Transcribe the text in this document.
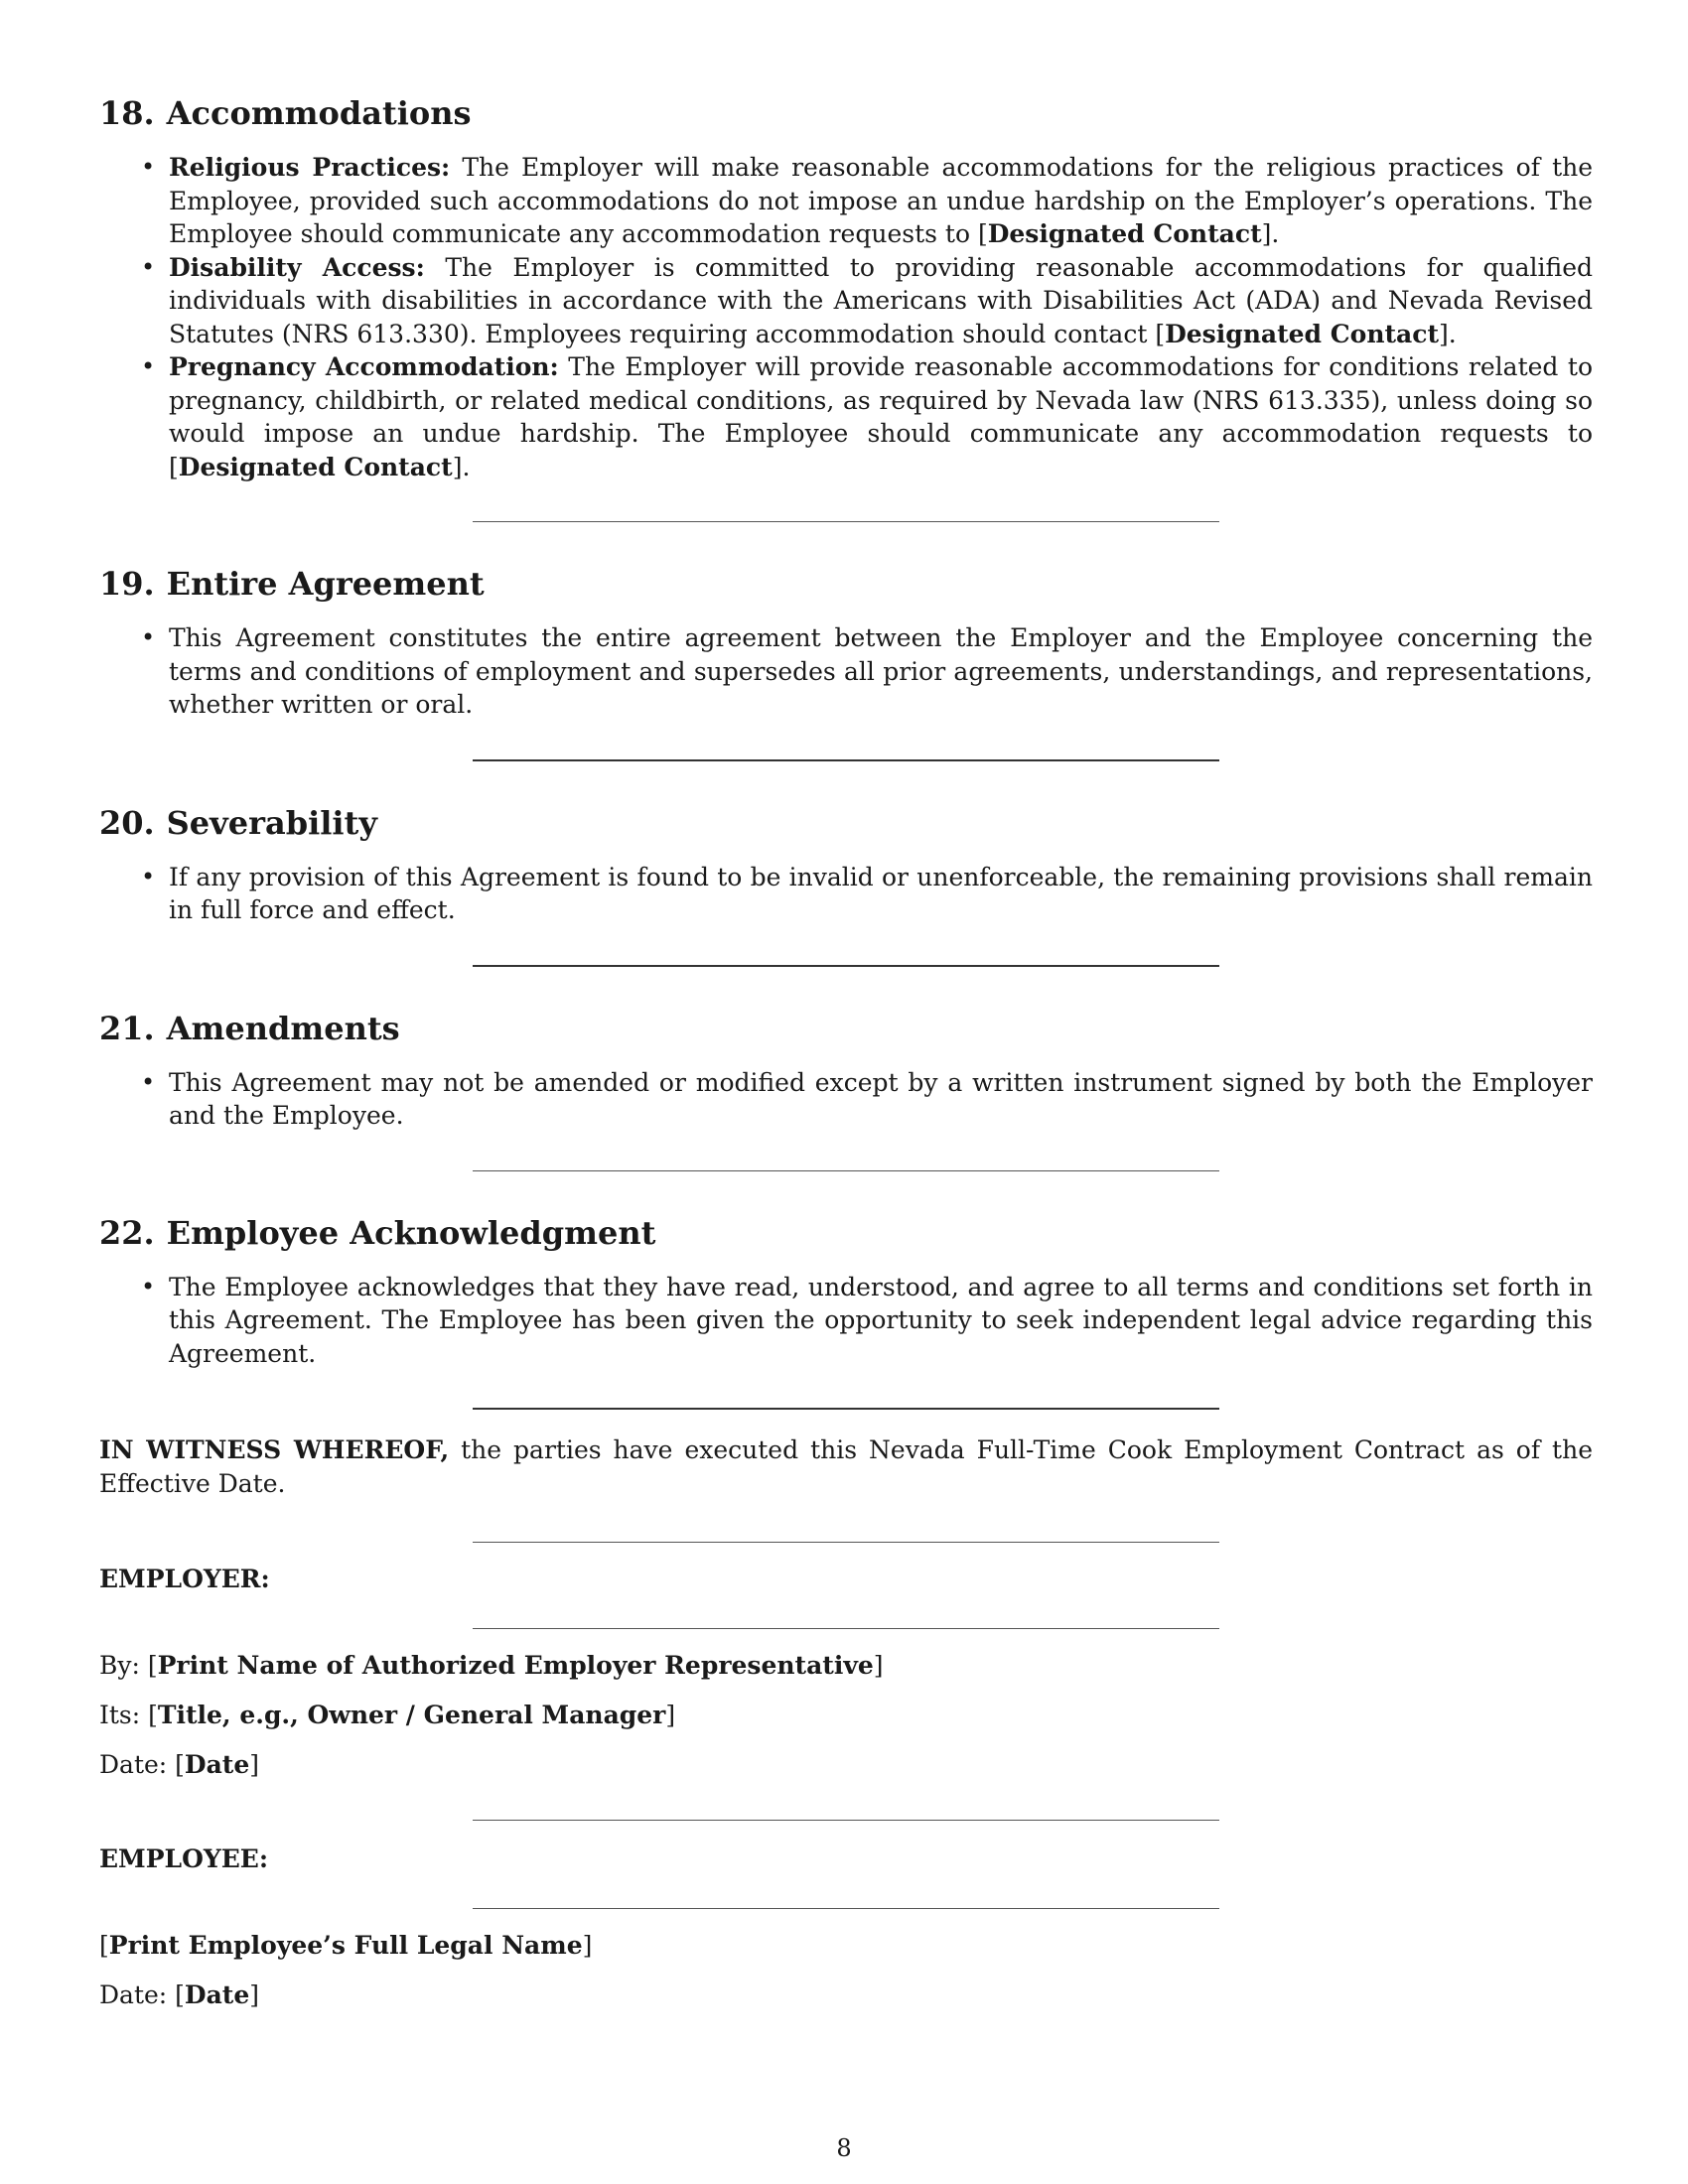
18. Accommodations
• Religious Practices: The Employer will make reasonable accommodations for the religious practices of the Employee, provided such accommodations do not impose an undue hardship on the Employer’s operations. The Employee should communicate any accommodation requests to [Designated Contact].
• Disability Access: The Employer is committed to providing reasonable accommodations for qualified individuals with disabilities in accordance with the Americans with Disabilities Act (ADA) and Nevada Revised Statutes (NRS 613.330). Employees requiring accommodation should contact [Designated Contact].
• Pregnancy Accommodation: The Employer will provide reasonable accommodations for conditions related to pregnancy, childbirth, or related medical conditions, as required by Nevada law (NRS 613.335), unless doing so would impose an undue hardship. The Employee should communicate any accommodation requests to [Designated Contact].
19. Entire Agreement
• This Agreement constitutes the entire agreement between the Employer and the Employee concerning the terms and conditions of employment and supersedes all prior agreements, understandings, and representations, whether written or oral.
20. Severability
• If any provision of this Agreement is found to be invalid or unenforceable, the remaining provisions shall remain in full force and effect.
21. Amendments
• This Agreement may not be amended or modified except by a written instrument signed by both the Employer and the Employee.
22. Employee Acknowledgment
• The Employee acknowledges that they have read, understood, and agree to all terms and conditions set forth in this Agreement. The Employee has been given the opportunity to seek independent legal advice regarding this Agreement.

IN WITNESS WHEREOF, the parties have executed this Nevada Full-Time Cook Employment Contract as of the Effective Date.

EMPLOYER:

By: [Print Name of Authorized Employer Representative]

Its: [Title, e.g., Owner / General Manager]

Date: [Date]

EMPLOYEE:

[Print Employee’s Full Legal Name]

Date: [Date]

8
